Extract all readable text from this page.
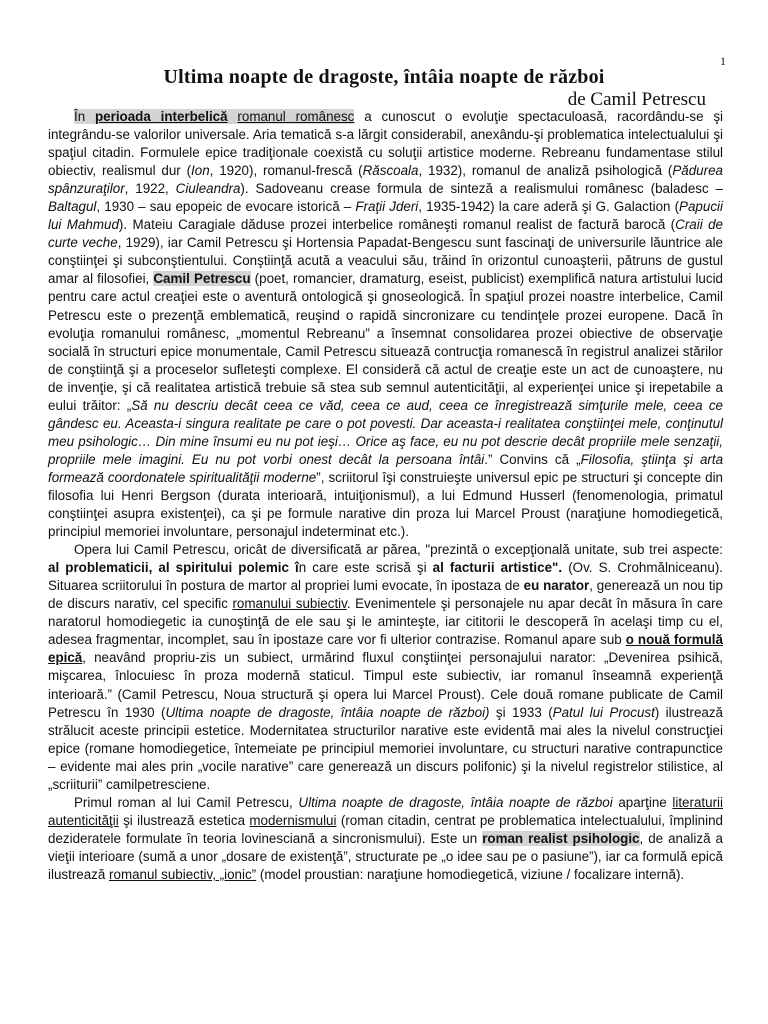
1
Ultima noapte de dragoste, întâia noapte de război
de Camil Petrescu

În perioada interbelică romanul românesc a cunoscut o evoluţie spectaculoasă, racordându-se şi integrându-se valorilor universale. Aria tematică s-a lărgit considerabil, anexându-şi problematica intelectualului şi spaţiul citadin. Formulele epice tradiţionale coexistă cu soluţii artistice moderne. Rebreanu fundamentase stilul obiectiv, realismul dur (Ion, 1920), romanul-frescă (Răscoala, 1932), romanul de analiză psihologică (Pădurea spânzuraţilor, 1922, Ciuleandra). Sadoveanu crease formula de sinteză a realismului românesc (baladesc – Baltagul, 1930 – sau epopeic de evocare istorică – Fraţii Jderi, 1935-1942) la care aderă şi G. Galaction (Papucii lui Mahmud). Mateiu Caragiale dăduse prozei interbelice româneşti romanul realist de factură barocă (Craii de curte veche, 1929), iar Camil Petrescu şi Hortensia Papadat-Bengescu sunt fascinaţi de universurile lăuntrice ale conştiinţei şi subconştientului. Conştiinţă acută a veacului său, trăind în orizontul cunoaşterii, pătruns de gustul amar al filosofiei, Camil Petrescu (poet, romancier, dramaturg, eseist, publicist) exemplifică natura artistului lucid pentru care actul creaţiei este o aventură ontologică şi gnoseologică. În spaţiul prozei noastre interbelice, Camil Petrescu este o prezenţă emblematică, reuşind o rapidă sincronizare cu tendinţele prozei europene. Dacă în evoluţia romanului românesc, „momentul Rebreanu” a însemnat consolidarea prozei obiective de observaţie socială în structuri epice monumentale, Camil Petrescu situează contrucţia romanescă în registrul analizei stărilor de conştiinţă şi a proceselor sufleteşti complexe. El consideră că actul de creaţie este un act de cunoaştere, nu de invenţie, şi că realitatea artistică trebuie să stea sub semnul autenticităţii, al experienţei unice şi irepetabile a eului trăitor: „Să nu descriu decât ceea ce văd, ceea ce aud, ceea ce înregistrează simţurile mele, ceea ce gândesc eu. Aceasta-i singura realitate pe care o pot povesti. Dar aceasta-i realitatea conştiinţei mele, conţinutul meu psihologic… Din mine însumi eu nu pot ieşi… Orice aş face, eu nu pot descrie decât propriile mele senzaţii, propriile mele imagini. Eu nu pot vorbi onest decât la persoana întâi.” Convins că „Filosofia, ştiinţa şi arta formează coordonatele spiritualităţii moderne”, scriitorul îşi construieşte universul epic pe structuri şi concepte din filosofia lui Henri Bergson (durata interioară, intuiţionismul), a lui Edmund Husserl (fenomenologia, primatul conştiinţei asupra existenţei), ca şi pe formule narative din proza lui Marcel Proust (naraţiune homodiegetică, principiul memoriei involuntare, personajul indeterminat etc.).

Opera lui Camil Petrescu, oricât de diversificată ar părea, "prezintă o excepţională unitate, sub trei aspecte: al problematicii, al spiritului polemic în care este scrisă şi al facturii artistice". (Ov. S. Crohmălniceanu). Situarea scriitorului în postura de martor al propriei lumi evocate, în ipostaza de eu narator, generează un nou tip de discurs narativ, cel specific romanului subiectiv. Evenimentele şi personajele nu apar decât în măsura în care naratorul homodiegetic ia cunoştinţă de ele sau şi le aminteşte, iar cititorii le descoperă în acelaşi timp cu el, adesea fragmentar, incomplet, sau în ipostaze care vor fi ulterior contrazise. Romanul apare sub o nouă formulă epică, neavând propriu-zis un subiect, urmărind fluxul conştiinţei personajului narator: „Devenirea psihică, mişcarea, înlocuiesc în proza modernă staticul. Timpul este subiectiv, iar romanul înseamnă experienţă interioară.” (Camil Petrescu, Noua structură şi opera lui Marcel Proust). Cele două romane publicate de Camil Petrescu în 1930 (Ultima noapte de dragoste, întâia noapte de război) şi 1933 (Patul lui Procust) ilustrează strălucit aceste principii estetice. Modernitatea structurilor narative este evidentă mai ales la nivelul construcţiei epice (romane homodiegetice, întemeiate pe principiul memoriei involuntare, cu structuri narative contrapunctice – evidente mai ales prin „vocile narative” care generează un discurs polifonic) şi la nivelul registrelor stilistice, al „scriiturii” camilpetresciene.

Primul roman al lui Camil Petrescu, Ultima noapte de dragoste, întâia noapte de război aparţine literaturii autenticităţii şi ilustrează estetica modernismului (roman citadin, centrat pe problematica intelectualului, împlinind dezideratele formulate în teoria lovinesciană a sincronismului). Este un roman realist psihologic, de analiză a vieţii interioare (sumă a unor „dosare de existenţă”, structurate pe „o idee sau pe o pasiune”), iar ca formulă epică ilustrează romanul subiectiv, „ionic” (model proustian: naraţiune homodiegetică, viziune / focalizare internă).
